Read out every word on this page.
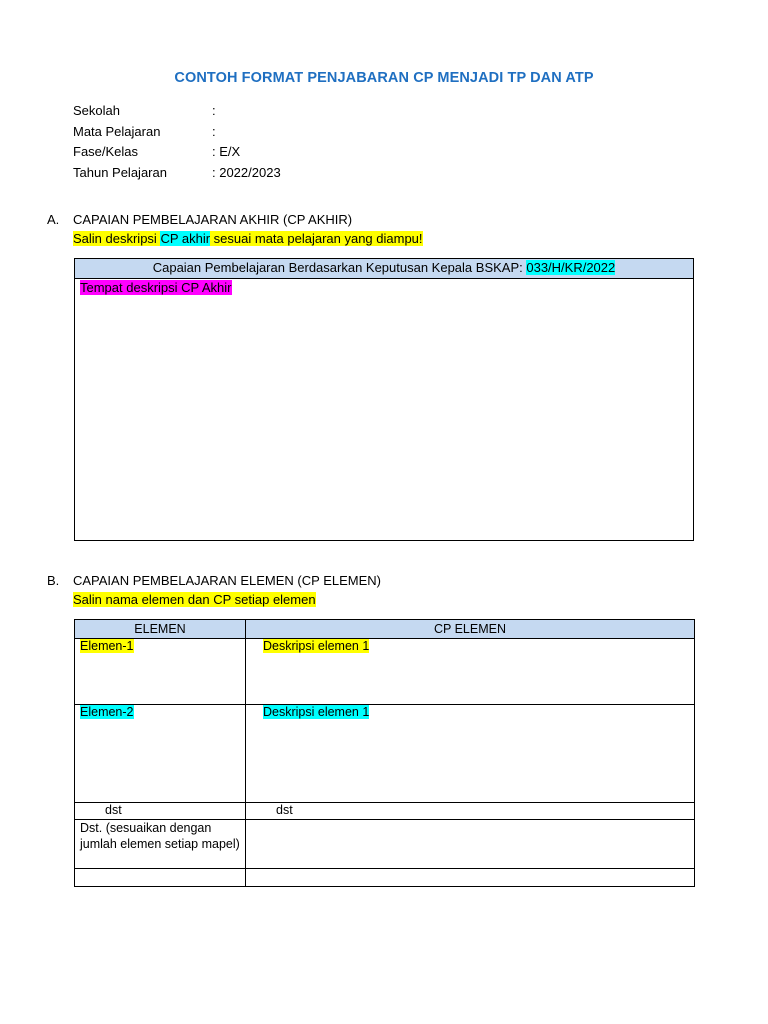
CONTOH FORMAT PENJABARAN CP MENJADI TP DAN ATP
Sekolah	:
Mata Pelajaran	:
Fase/Kelas	: E/X
Tahun Pelajaran	: 2022/2023
A.	CAPAIAN PEMBELAJARAN AKHIR (CP AKHIR)
Salin deskripsi CP akhir sesuai mata pelajaran yang diampu!
Capaian Pembelajaran Berdasarkan Keputusan Kepala BSKAP: 033/H/KR/2022
Tempat deskripsi CP Akhir
B.	CAPAIAN PEMBELAJARAN ELEMEN (CP ELEMEN)
Salin nama elemen dan CP setiap elemen
ELEMEN	CP ELEMEN
Elemen-1	Deskripsi elemen 1
Elemen-2	Deskripsi elemen 1
dst	dst
Dst. (sesuaikan dengan jumlah elemen setiap mapel)	
